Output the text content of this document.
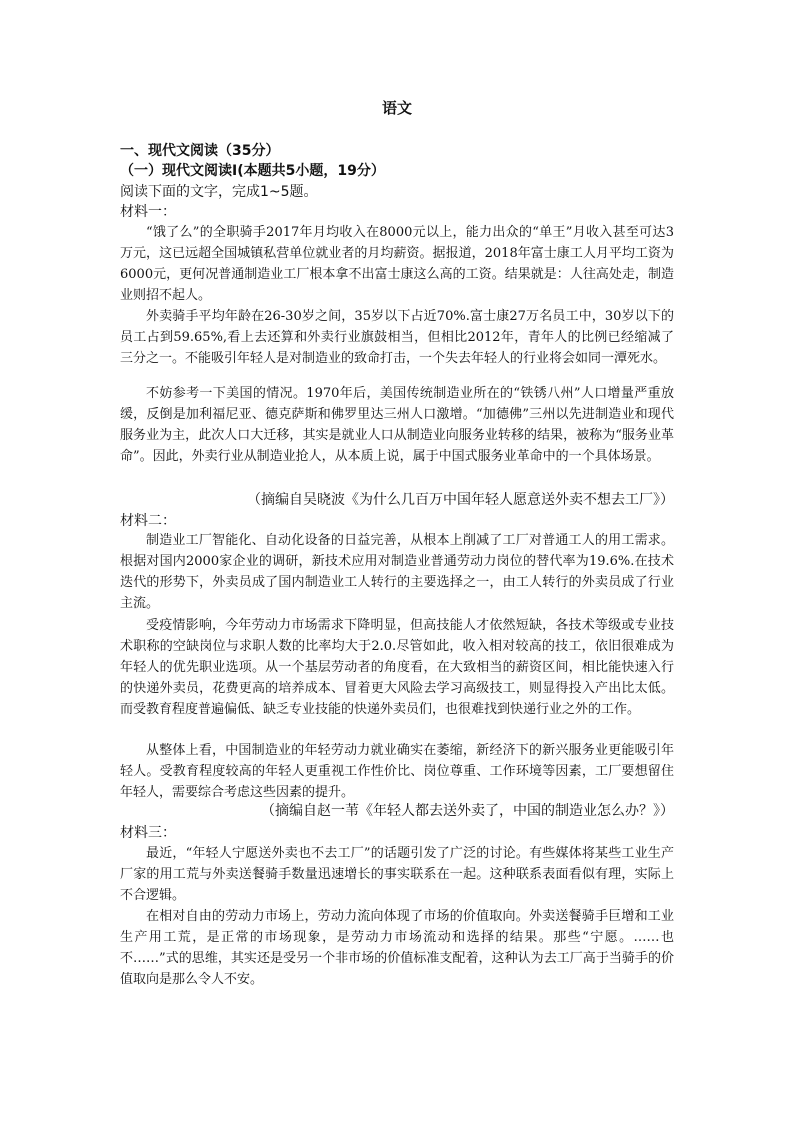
语文
一、现代文阅读（35分）
（一）现代文阅读Ⅰ(本题共5小题，19分）
阅读下面的文字，完成1~5题。
材料一：

“饿了么”的全职骑手2017年月均收入在8000元以上，能力出众的“单王”月收入甚至可达3万元，这已远超全国城镇私营单位就业者的月均薪资。据报道，2018年富士康工人月平均工资为6000元，更何况普通制造业工厂根本拿不出富士康这么高的工资。结果就是：人往高处走，制造业则招不起人。

外卖骑手平均年龄在26-30岁之间，35岁以下占近70%.富士康27万名员工中，30岁以下的员工占到59.65%,看上去还算和外卖行业旗鼓相当，但相比2012年，青年人的比例已经缩减了三分之一。不能吸引年轻人是对制造业的致命打击，一个失去年轻人的行业将会如同一潭死水。

不妨参考一下美国的情况。1970年后，美国传统制造业所在的“铁锈八州”人口增量严重放缓，反倒是加利福尼亚、德克萨斯和佛罗里达三州人口激增。“加德佛”三州以先进制造业和现代服务业为主，此次人口大迁移，其实是就业人口从制造业向服务业转移的结果，被称为“服务业革命”。因此，外卖行业从制造业抢人，从本质上说，属于中国式服务业革命中的一个具体场景。

（摘编自吴晓波《为什么几百万中国年轻人愿意送外卖不想去工厂》）
材料二：

制造业工厂智能化、自动化设备的日益完善，从根本上削减了工厂对普通工人的用工需求。根据对国内2000家企业的调研，新技术应用对制造业普通劳动力岗位的替代率为19.6%.在技术迭代的形势下，外卖员成了国内制造业工人转行的主要选择之一，由工人转行的外卖员成了行业主流。

受疫情影响，今年劳动力市场需求下降明显，但高技能人才依然短缺，各技术等级或专业技术职称的空缺岗位与求职人数的比率均大于2.0.尽管如此，收入相对较高的技工，依旧很难成为年轻人的优先职业选项。从一个基层劳动者的角度看，在大致相当的薪资区间，相比能快速入行的快递外卖员，花费更高的培养成本、冒着更大风险去学习高级技工，则显得投入产出比太低。而受教育程度普遍偏低、缺乏专业技能的快递外卖员们，也很难找到快递行业之外的工作。

从整体上看，中国制造业的年轻劳动力就业确实在萎缩，新经济下的新兴服务业更能吸引年轻人。受教育程度较高的年轻人更重视工作性价比、岗位尊重、工作环境等因素，工厂要想留住年轻人，需要综合考虑这些因素的提升。

（摘编自赵一苇《年轻人都去送外卖了，中国的制造业怎么办？》）
材料三：

最近，“年轻人宁愿送外卖也不去工厂”的话题引发了广泛的讨论。有些媒体将某些工业生产厂家的用工荒与外卖送餐骑手数量迅速增长的事实联系在一起。这种联系表面看似有理，实际上不合逻辑。

在相对自由的劳动力市场上，劳动力流向体现了市场的价值取向。外卖送餐骑手巨增和工业生产用工荒，是正常的市场现象，是劳动力市场流动和选择的结果。那些“宁愿。……也不……”式的思维，其实还是受另一个非市场的价值标准支配着，这种认为去工厂高于当骑手的价值取向是那么令人不安。
